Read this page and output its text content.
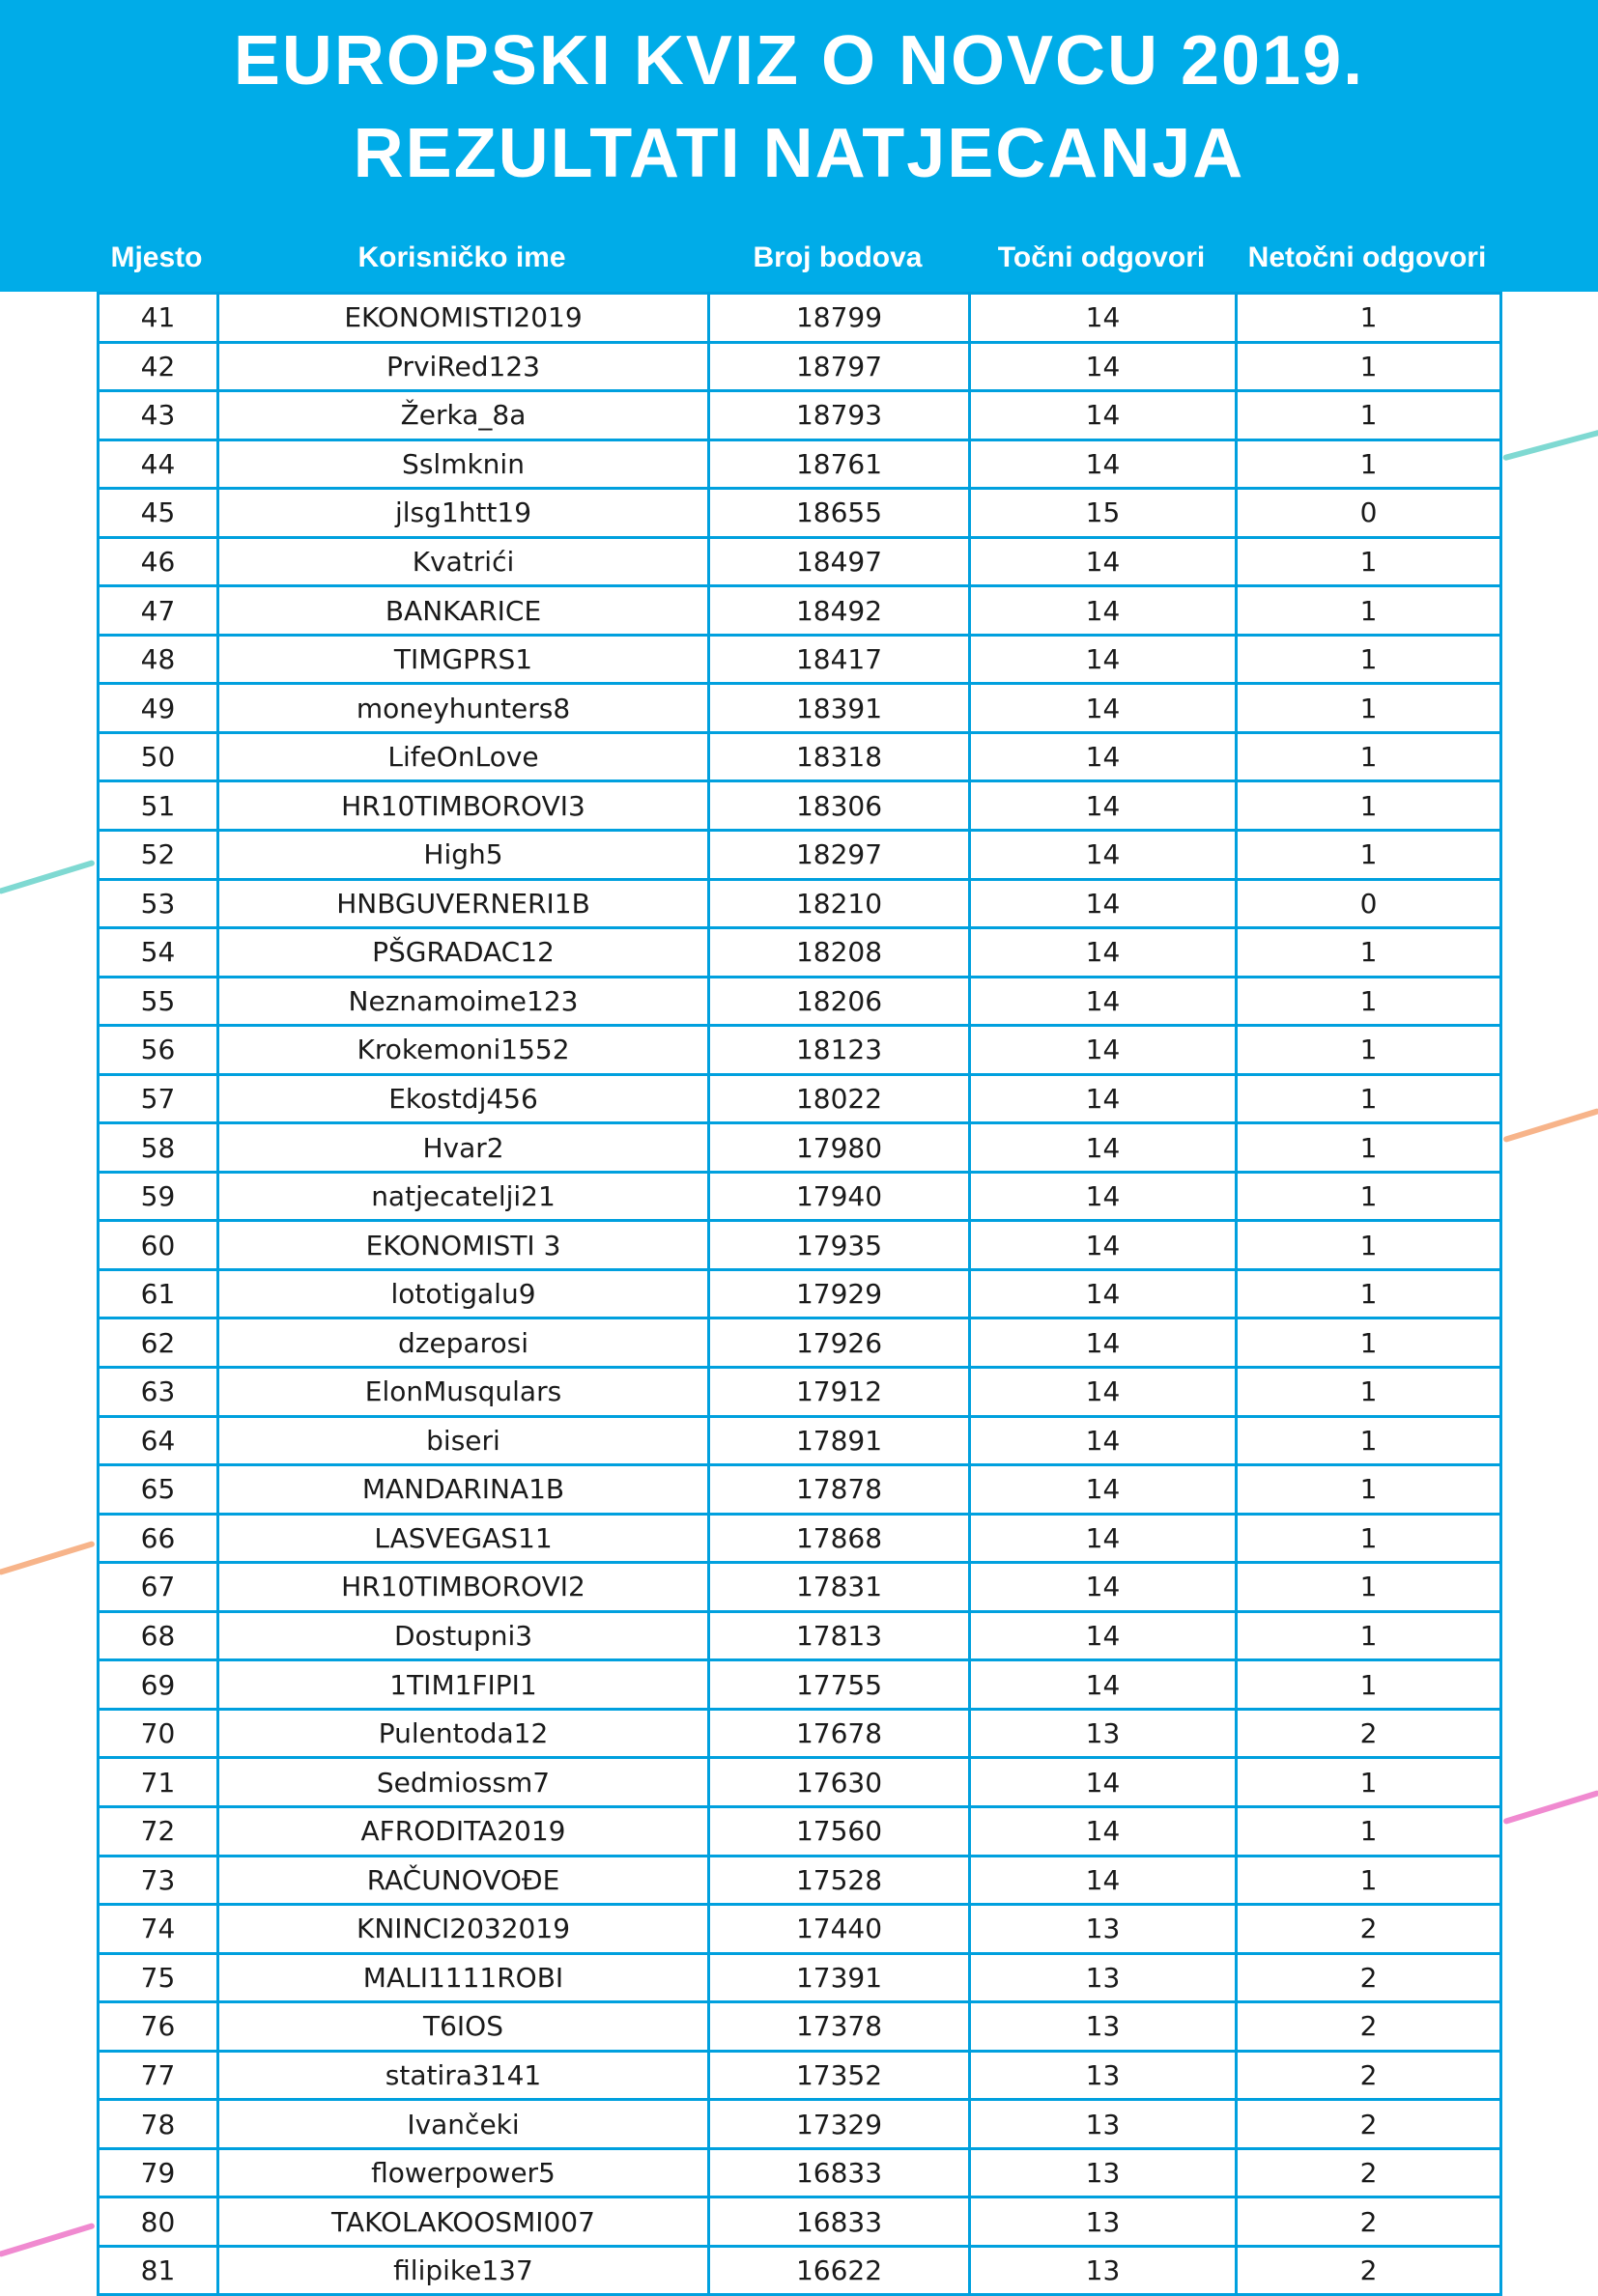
EUROPSKI KVIZ O NOVCU 2019.
REZULTATI NATJECANJA
Mjesto	Korisničko ime	Broj bodova	Točni odgovori	Netočni odgovori
41	EKONOMISTI2019	18799	14	1
42	PrviRed123	18797	14	1
43	Žerka_8a	18793	14	1
44	Sslmknin	18761	14	1
45	jlsg1htt19	18655	15	0
46	Kvatrići	18497	14	1
47	BANKARICE	18492	14	1
48	TIMGPRS1	18417	14	1
49	moneyhunters8	18391	14	1
50	LifeOnLove	18318	14	1
51	HR10TIMBOROVI3	18306	14	1
52	High5	18297	14	1
53	HNBGUVERNERI1B	18210	14	0
54	PŠGRADAC12	18208	14	1
55	Neznamoime123	18206	14	1
56	Krokemoni1552	18123	14	1
57	Ekostdj456	18022	14	1
58	Hvar2	17980	14	1
59	natjecatelji21	17940	14	1
60	EKONOMISTI 3	17935	14	1
61	lototigalu9	17929	14	1
62	dzeparosi	17926	14	1
63	ElonMusqulars	17912	14	1
64	biseri	17891	14	1
65	MANDARINA1B	17878	14	1
66	LASVEGAS11	17868	14	1
67	HR10TIMBOROVI2	17831	14	1
68	Dostupni3	17813	14	1
69	1TIM1FIPI1	17755	14	1
70	Pulentoda12	17678	13	2
71	Sedmiossm7	17630	14	1
72	AFRODITA2019	17560	14	1
73	RAČUNOVOĐE	17528	14	1
74	KNINCI2032019	17440	13	2
75	MALI1111ROBI	17391	13	2
76	T6IOS	17378	13	2
77	statira3141	17352	13	2
78	Ivančeki	17329	13	2
79	flowerpower5	16833	13	2
80	TAKOLAKOOSMI007	16833	13	2
81	filipike137	16622	13	2
